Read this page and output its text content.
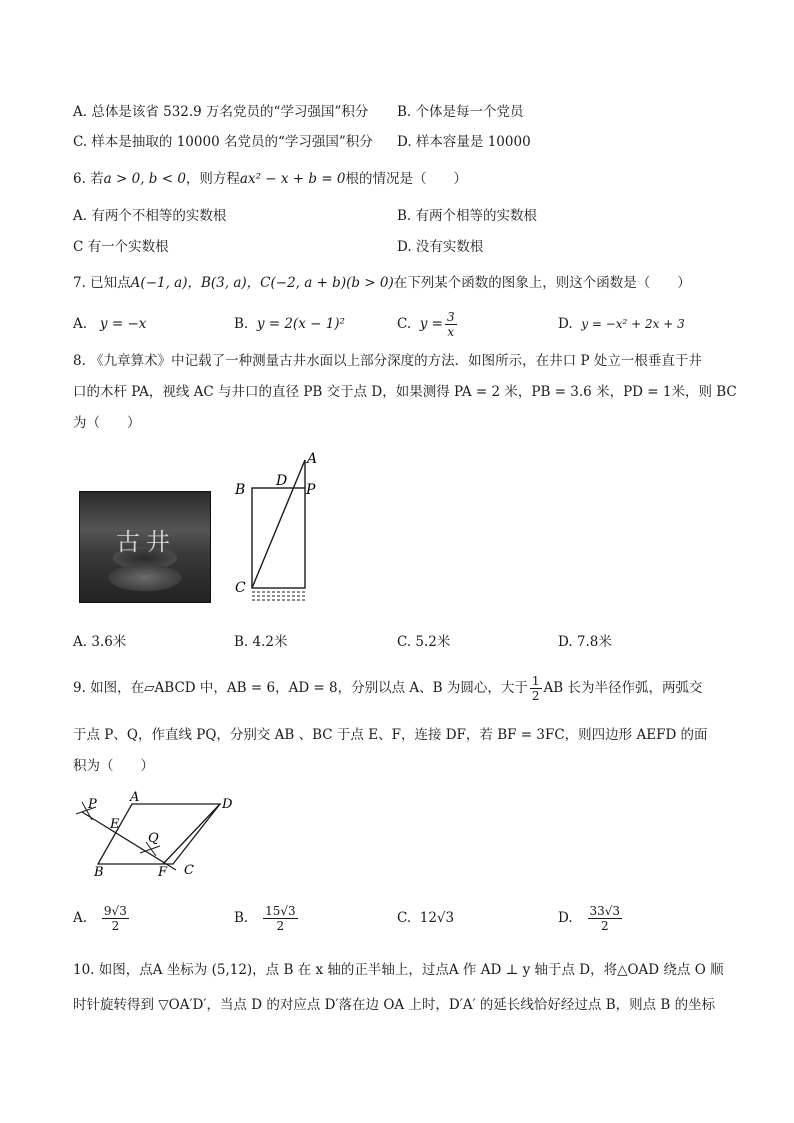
A. 总体是该省 532.9 万名党员的“学习强国”积分 B. 个体是每一个党员
C. 样本是抽取的 10000 名党员的“学习强国”积分 D. 样本容量是 10000
6. 若a > 0, b < 0，则方程ax² − x + b = 0根的情况是（　　）
A. 有两个不相等的实数根	B. 有两个相等的实数根
C 有一个实数根	D. 没有实数根
7. 已知点A(−1, a)，B(3, a)，C(−2, a + b)(b > 0)在下列某个函数的图象上，则这个函数是（　　）
A. y = −x	B. y = 2(x − 1)²	C.
$y = \frac{3}{x}$	D. y = −x² + 2x + 3
8. 《九章算术》中记载了一种测量古井水面以上部分深度的方法．如图所示，在井口 P 处立一根垂直于井
口的木杆 PA，视线 AC 与井口的直径 PB 交于点 D，如果测得 PA = 2 米，PB = 3.6 米，PD = 1米，则 BC
为（　　）
古井
A
B
D
P
C
A. 3.6米	B. 4.2米	C. 5.2米	D. 7.8米
9. 如图，在▱ABCD 中，AB = 6，AD = 8，分别以点 A、B 为圆心，大于 $\frac{1}{2}$ AB 长为半径作弧，两弧交
于点 P、Q，作直线 PQ，分别交 AB 、BC 于点 E、F，连接 DF，若 BF = 3FC，则四边形 AEFD 的面
积为（　　）
P	A	D
E
Q
B	F C
A.
$\frac{9√3}{2}$	B.
$\frac{15√3}{2}$	C. 12√3	D.
$\frac{33√3}{2}$
10. 如图，点A 坐标为 (5,12)，点 B 在 x 轴的正半轴上，过点A 作 AD ⊥ y 轴于点 D，将△OAD 绕点 O 顺
时针旋转得到 ▽OA′D′，当点 D 的对应点 D′落在边 OA 上时，D′A′ 的延长线恰好经过点 B，则点 B 的坐标
